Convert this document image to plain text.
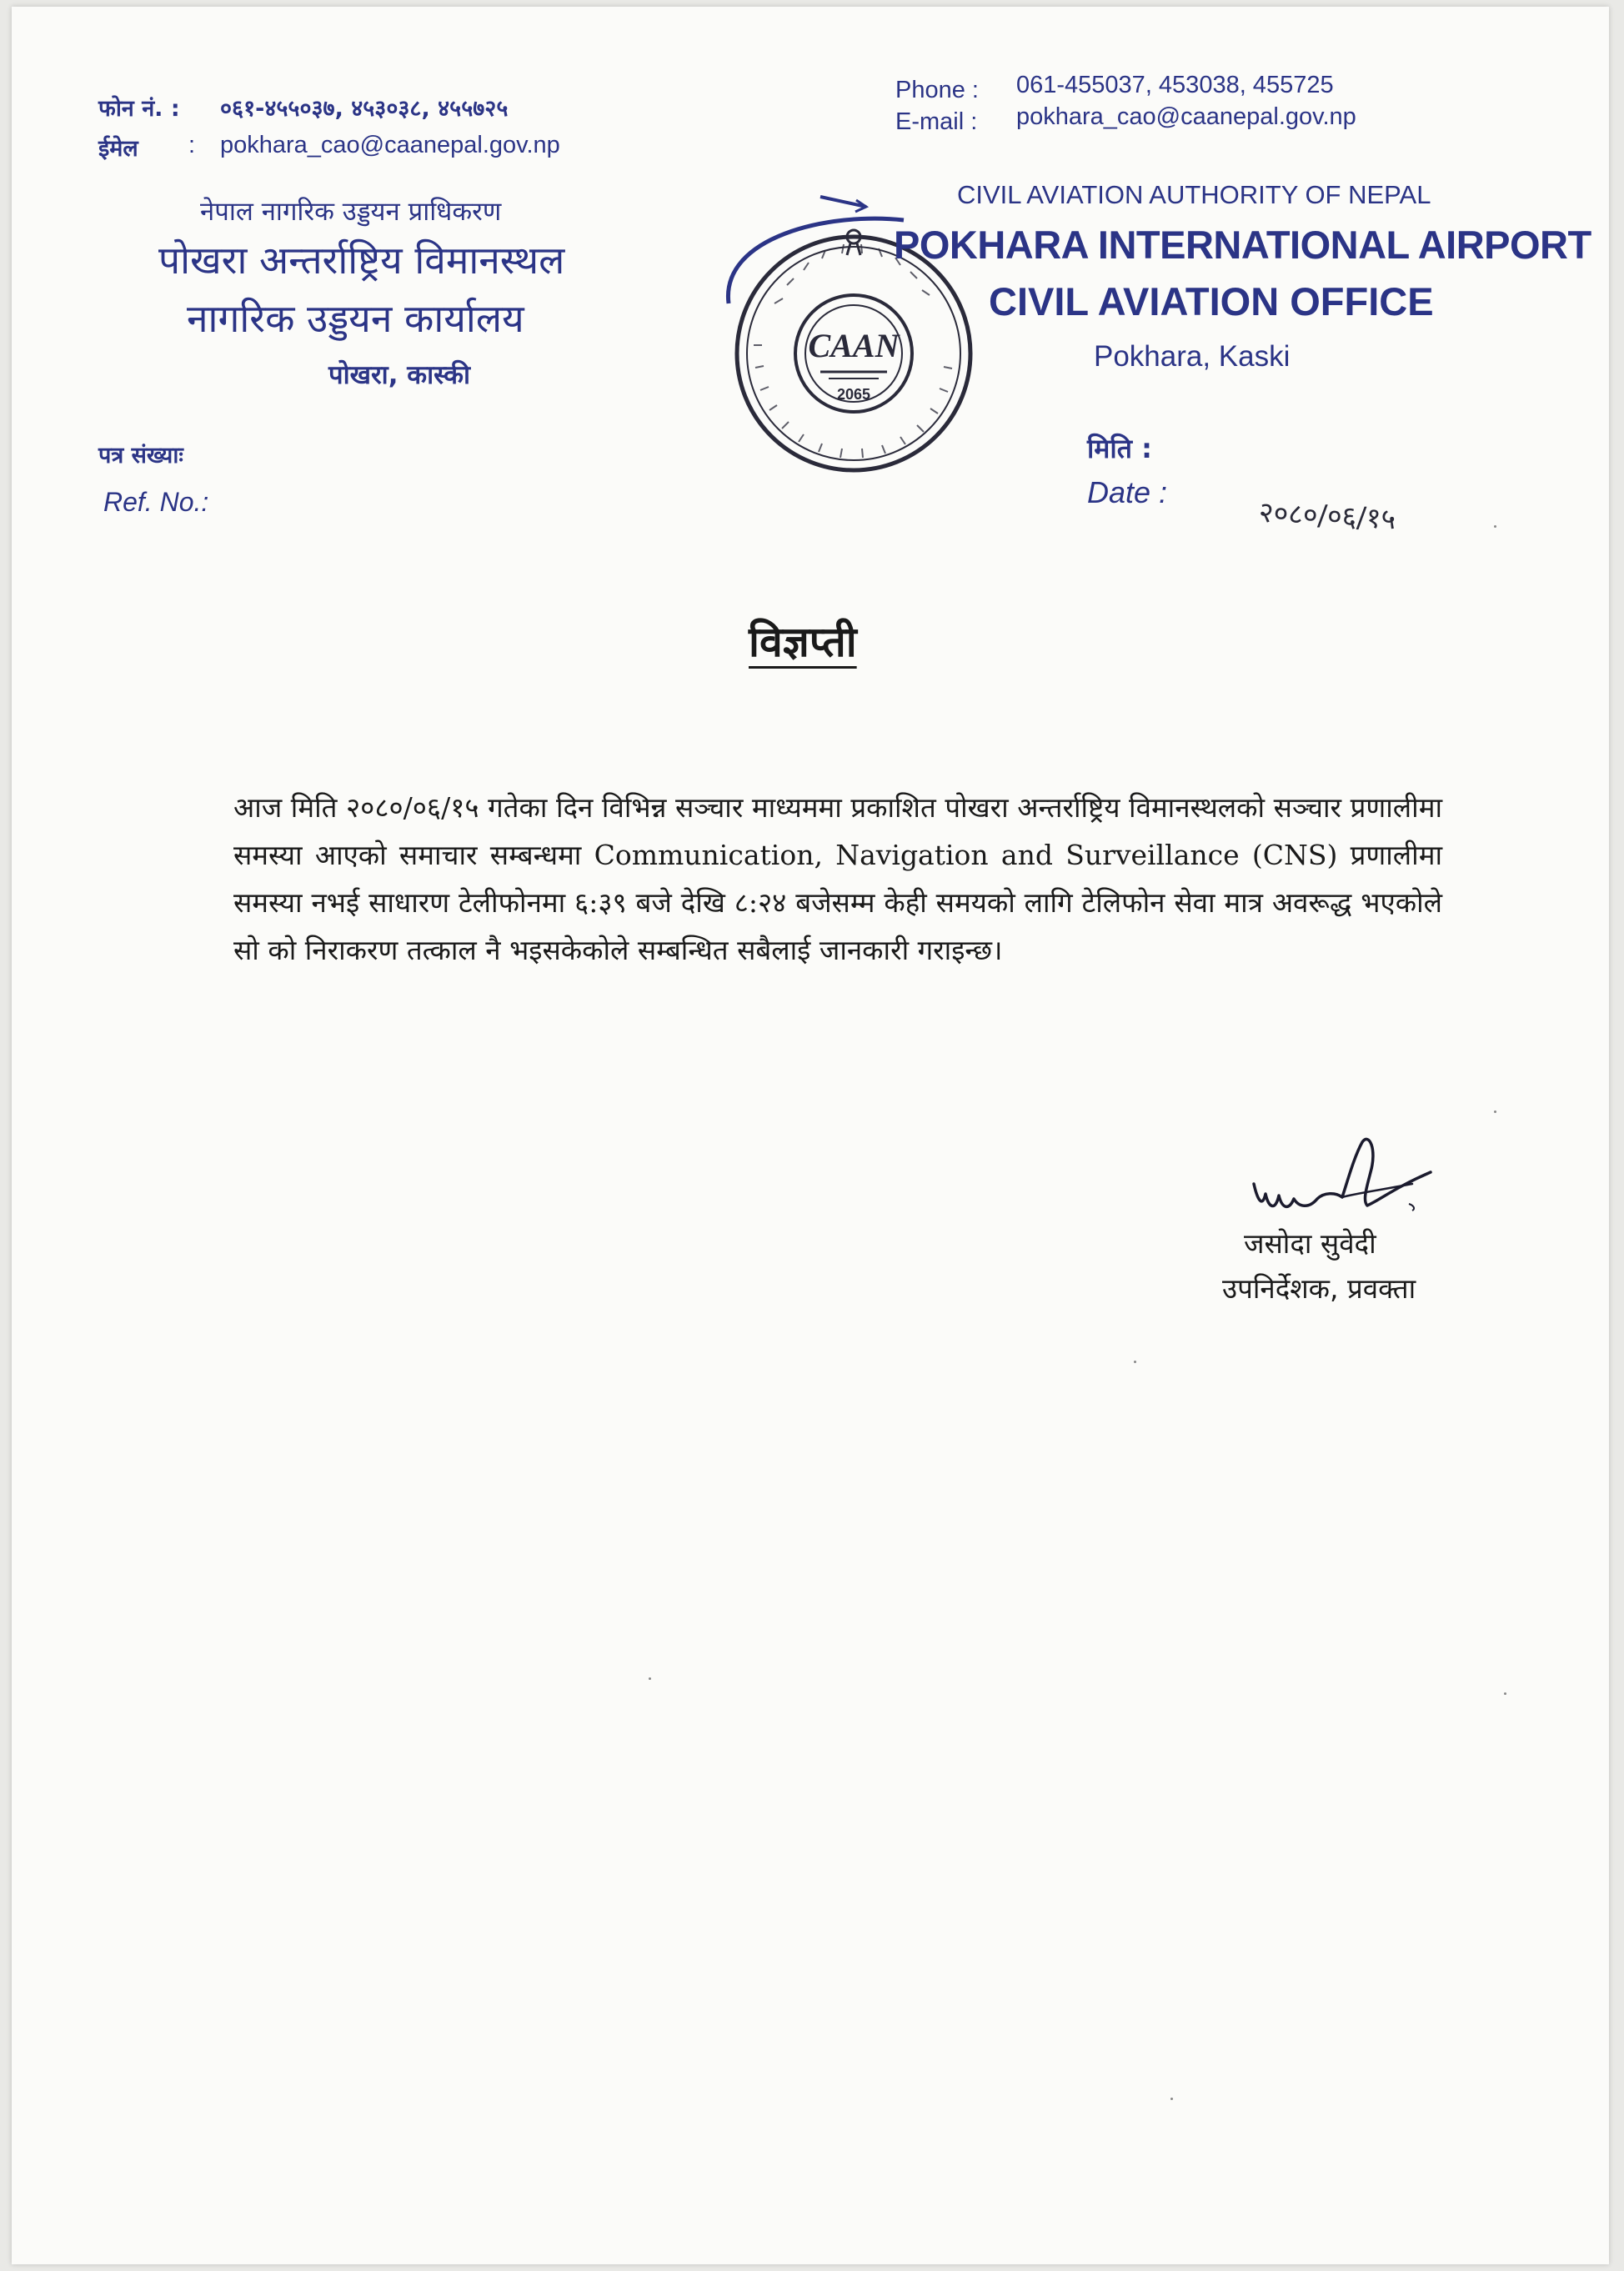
फोन नं. : ०६१-४५५०३७, ४५३०३८, ४५५७२५
ईमेल : pokhara_cao@caanepal.gov.np
नेपाल नागरिक उड्डयन प्राधिकरण
पोखरा अन्तर्राष्ट्रिय विमानस्थल
नागरिक उड्डयन कार्यालय
पोखरा, कास्की
पत्र संख्याः
Ref. No.:
CAAN
2065
Phone : 061-455037, 453038, 455725
E-mail : pokhara_cao@caanepal.gov.np
CIVIL AVIATION AUTHORITY OF NEPAL
POKHARA INTERNATIONAL AIRPORT
CIVIL AVIATION OFFICE
Pokhara, Kaski
मिति :
Date :
२०८०/०६/१५
विज्ञप्ती
आज मिति २०८०/०६/१५ गतेका दिन विभिन्न सञ्चार माध्यममा प्रकाशित पोखरा अन्तर्राष्ट्रिय विमानस्थलको सञ्चार प्रणालीमा समस्या आएको समाचार सम्बन्धमा Communication, Navigation and Surveillance (CNS) प्रणालीमा समस्या नभई साधारण टेलीफोनमा ६:३९ बजे देखि ८:२४ बजेसम्म केही समयको लागि टेलिफोन सेवा मात्र अवरूद्ध भएकोले सो को निराकरण तत्काल नै भइसकेकोले सम्बन्धित सबैलाई जानकारी गराइन्छ।
जसोदा सुवेदी
उपनिर्देशक, प्रवक्ता
